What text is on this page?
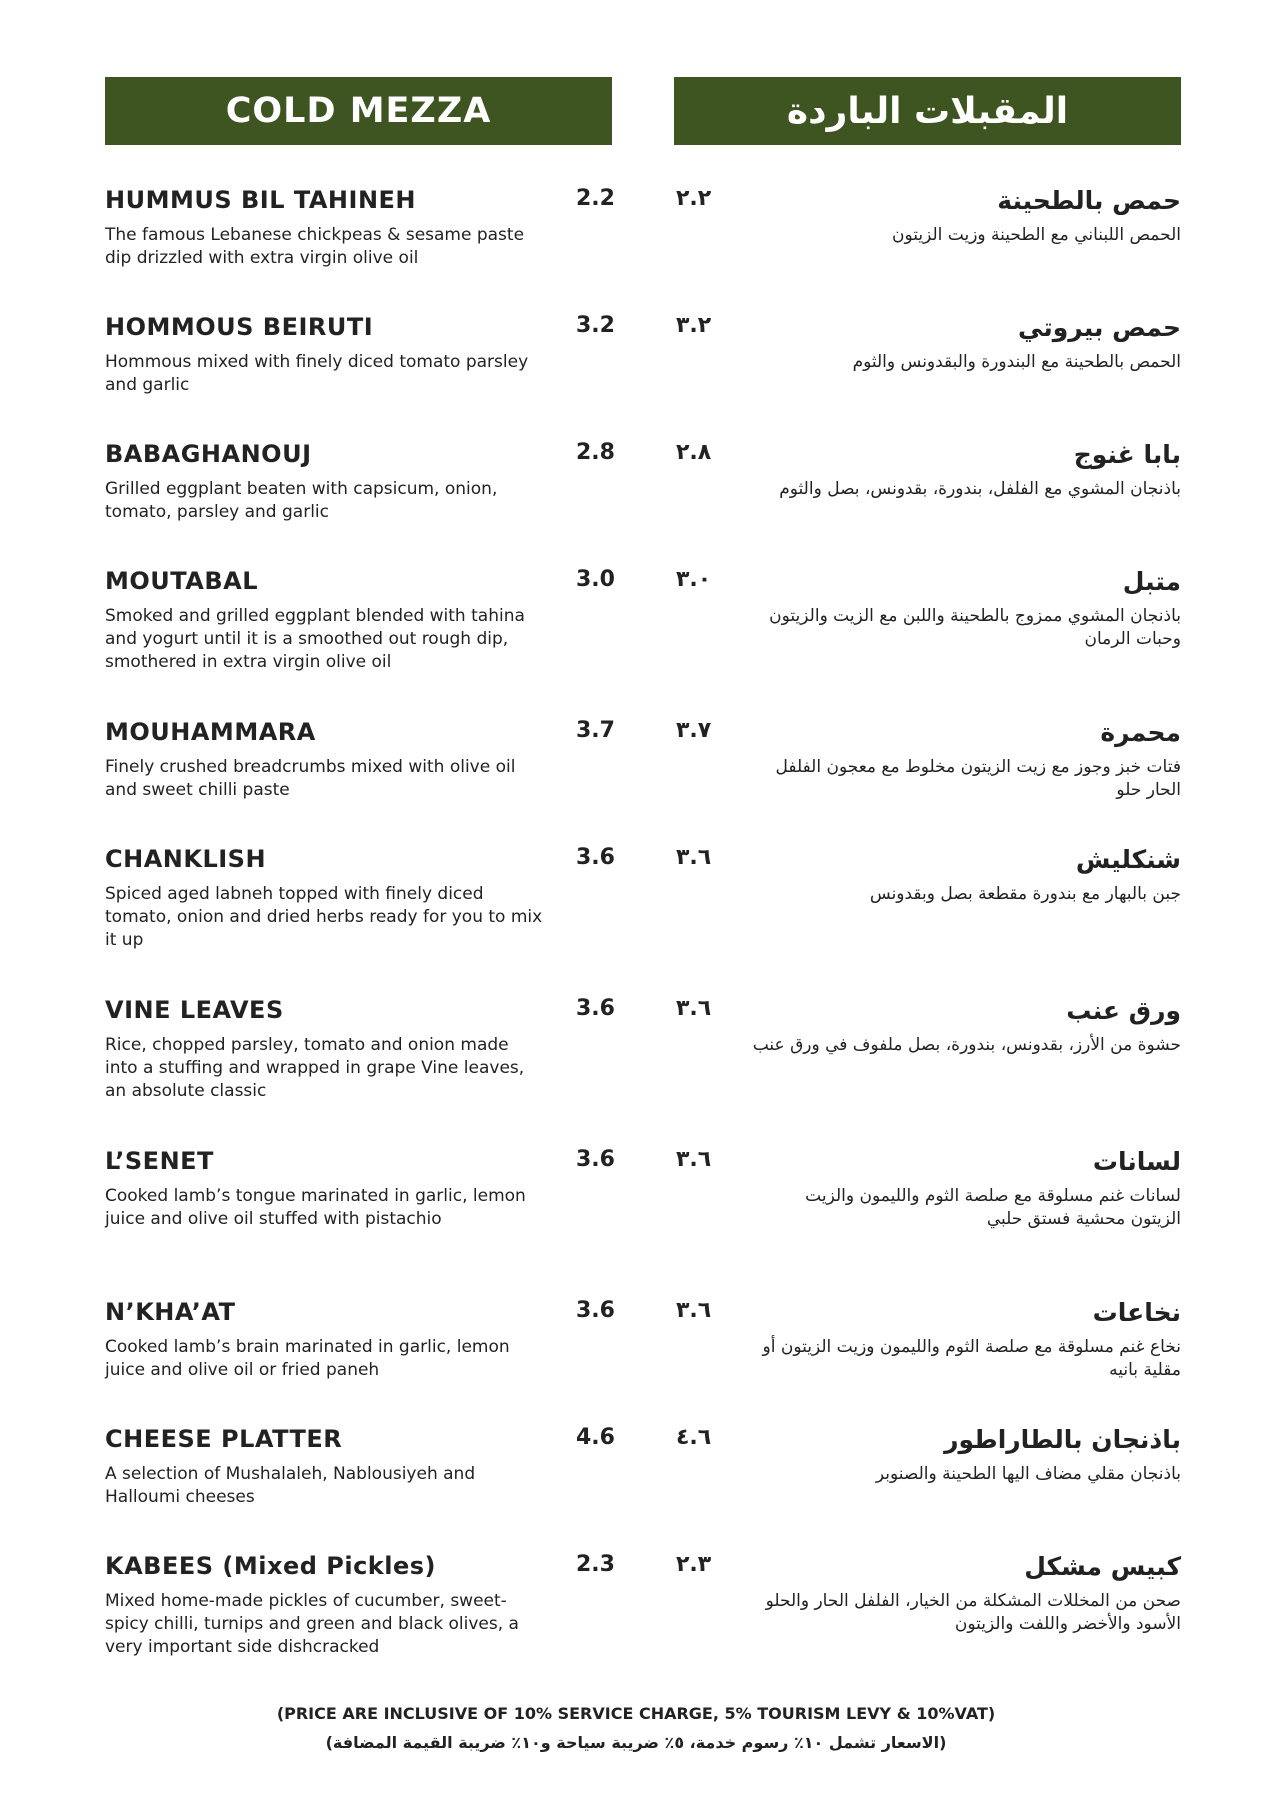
COLD MEZZA	المقبلات الباردة
HUMMUS BIL TAHINEH	2.2	٢.٢	حمص بالطحينة
The famous Lebanese chickpeas & sesame paste dip drizzled with extra virgin olive oil
الحمص اللبناني مع الطحينة وزيت الزيتون
HOMMOUS BEIRUTI	3.2	٣.٢	حمص بيروتي
Hommous mixed with finely diced tomato parsley and garlic
الحمص بالطحينة مع البندورة والبقدونس والثوم
BABAGHANOUJ	2.8	٢.٨	بابا غنوج
Grilled eggplant beaten with capsicum, onion, tomato, parsley and garlic
باذنجان المشوي مع الفلفل، بندورة، بقدونس، بصل والثوم
MOUTABAL	3.0	٣.٠	متبل
Smoked and grilled eggplant blended with tahina and yogurt until it is a smoothed out rough dip, smothered in extra virgin olive oil
باذنجان المشوي ممزوج بالطحينة واللبن مع الزيت والزيتون وحبات الرمان
MOUHAMMARA	3.7	٣.٧	محمرة
Finely crushed breadcrumbs mixed with olive oil and sweet chilli paste
فتات خبز وجوز مع زيت الزيتون مخلوط مع معجون الفلفل الحار حلو
CHANKLISH	3.6	٣.٦	شنكليش
Spiced aged labneh topped with finely diced tomato, onion and dried herbs ready for you to mix it up
جبن بالبهار مع بندورة مقطعة بصل وبقدونس
VINE LEAVES	3.6	٣.٦	ورق عنب
Rice, chopped parsley, tomato and onion made into a stuffing and wrapped in grape Vine leaves, an absolute classic
حشوة من الأرز، بقدونس، بندورة، بصل ملفوف في ورق عنب
L’SENET	3.6	٣.٦	لسانات
Cooked lamb’s tongue marinated in garlic, lemon juice and olive oil stuffed with pistachio
لسانات غنم مسلوقة مع صلصة الثوم والليمون والزيت الزيتون محشية فستق حلبي
N’KHA’AT	3.6	٣.٦	نخاعات
Cooked lamb’s brain marinated in garlic, lemon juice and olive oil or fried paneh
نخاع غنم مسلوقة مع صلصة الثوم والليمون وزيت الزيتون أو مقلية بانيه
CHEESE PLATTER	4.6	٤.٦	باذنجان بالطاراطور
A selection of Mushalaleh, Nablousiyeh and Halloumi cheeses
باذنجان مقلي مضاف اليها الطحينة والصنوبر
KABEES (Mixed Pickles)	2.3	٢.٣	كبيس مشكل
Mixed home-made pickles of cucumber, sweet-spicy chilli, turnips and green and black olives, a very important side dishcracked
صحن من المخللات المشكلة من الخيار، الفلفل الحار والحلو الأسود والأخضر واللفت والزيتون
(PRICE ARE INCLUSIVE OF 10% SERVICE CHARGE, 5% TOURISM LEVY & 10%VAT)
(الاسعار تشمل ١٠٪ رسوم خدمة، ٥٪ ضريبة سياحة و١٠٪ ضريبة القيمة المضافة)
